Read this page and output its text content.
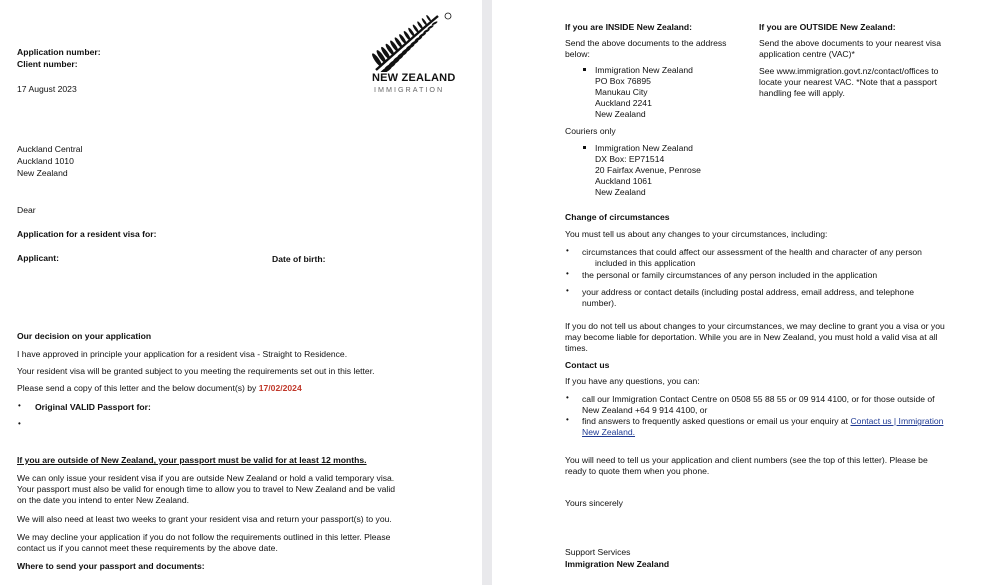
NEW ZEALAND
IMMIGRATION
Application number:
Client number:
17 August 2023
Auckland Central
Auckland 1010
New Zealand
Dear
Application for a resident visa for:
Applicant:	Date of birth:
Our decision on your application
I have approved in principle your application for a resident visa - Straight to Residence.
Your resident visa will be granted subject to you meeting the requirements set out in this letter.
Please send a copy of this letter and the below document(s) by 17/02/2024
• Original VALID Passport for:
•
If you are outside of New Zealand, your passport must be valid for at least 12 months.
We can only issue your resident visa if you are outside New Zealand or hold a valid temporary visa.
Your passport must also be valid for enough time to allow you to travel to New Zealand and be valid
on the date you intend to enter New Zealand.
We will also need at least two weeks to grant your resident visa and return your passport(s) to you.
We may decline your application if you do not follow the requirements outlined in this letter. Please
contact us if you cannot meet these requirements by the above date.
Where to send your passport and documents:
If you are INSIDE New Zealand:
Send the above documents to the address
below:
Immigration New Zealand
PO Box 76895
Manukau City
Auckland 2241
New Zealand
Couriers only
Immigration New Zealand
DX Box: EP71514
20 Fairfax Avenue, Penrose
Auckland 1061
New Zealand
If you are OUTSIDE New Zealand:
Send the above documents to your nearest visa
application centre (VAC)*
See www.immigration.govt.nz/contact/offices to
locate your nearest VAC. *Note that a passport
handling fee will apply.
Change of circumstances
You must tell us about any changes to your circumstances, including:
• circumstances that could affect our assessment of the health and character of any person
included in this application
• the personal or family circumstances of any person included in the application
• your address or contact details (including postal address, email address, and telephone
number).
If you do not tell us about changes to your circumstances, we may decline to grant you a visa or you
may become liable for deportation. While you are in New Zealand, you must hold a valid visa at all
times.
Contact us
If you have any questions, you can:
• call our Immigration Contact Centre on 0508 55 88 55 or 09 914 4100, or for those outside of
New Zealand +64 9 914 4100, or
• find answers to frequently asked questions or email us your enquiry at Contact us | Immigration
New Zealand.
You will need to tell us your application and client numbers (see the top of this letter). Please be
ready to quote them when you phone.
Yours sincerely
Support Services
Immigration New Zealand
